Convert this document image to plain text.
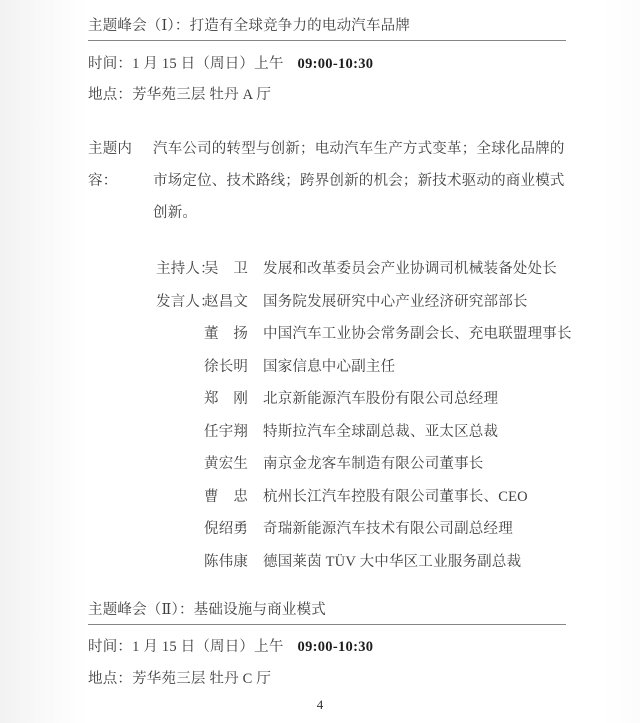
主题峰会（Ⅰ）：打造有全球竞争力的电动汽车品牌
时间：1 月 15 日（周日）上午 09:00-10:30
地点：芳华苑三层 牡丹 A 厅
主题内容：
汽车公司的转型与创新；电动汽车生产方式变革；全球化品牌的市场定位、技术路线；跨界创新的机会；新技术驱动的商业模式创新。
主持人：
吴　卫	发展和改革委员会产业协调司机械装备处处长
发言人：
赵昌文	国务院发展研究中心产业经济研究部部长
董　扬	中国汽车工业协会常务副会长、充电联盟理事长
徐长明	国家信息中心副主任
郑　刚	北京新能源汽车股份有限公司总经理
任宇翔	特斯拉汽车全球副总裁、亚太区总裁
黄宏生	南京金龙客车制造有限公司董事长
曹　忠	杭州长江汽车控股有限公司董事长、CEO
倪绍勇	奇瑞新能源汽车技术有限公司副总经理
陈伟康	德国莱茵 TÜV 大中华区工业服务副总裁
主题峰会（Ⅱ）：基础设施与商业模式
时间：1 月 15 日（周日）上午 09:00-10:30
地点：芳华苑三层 牡丹 C 厅
4
